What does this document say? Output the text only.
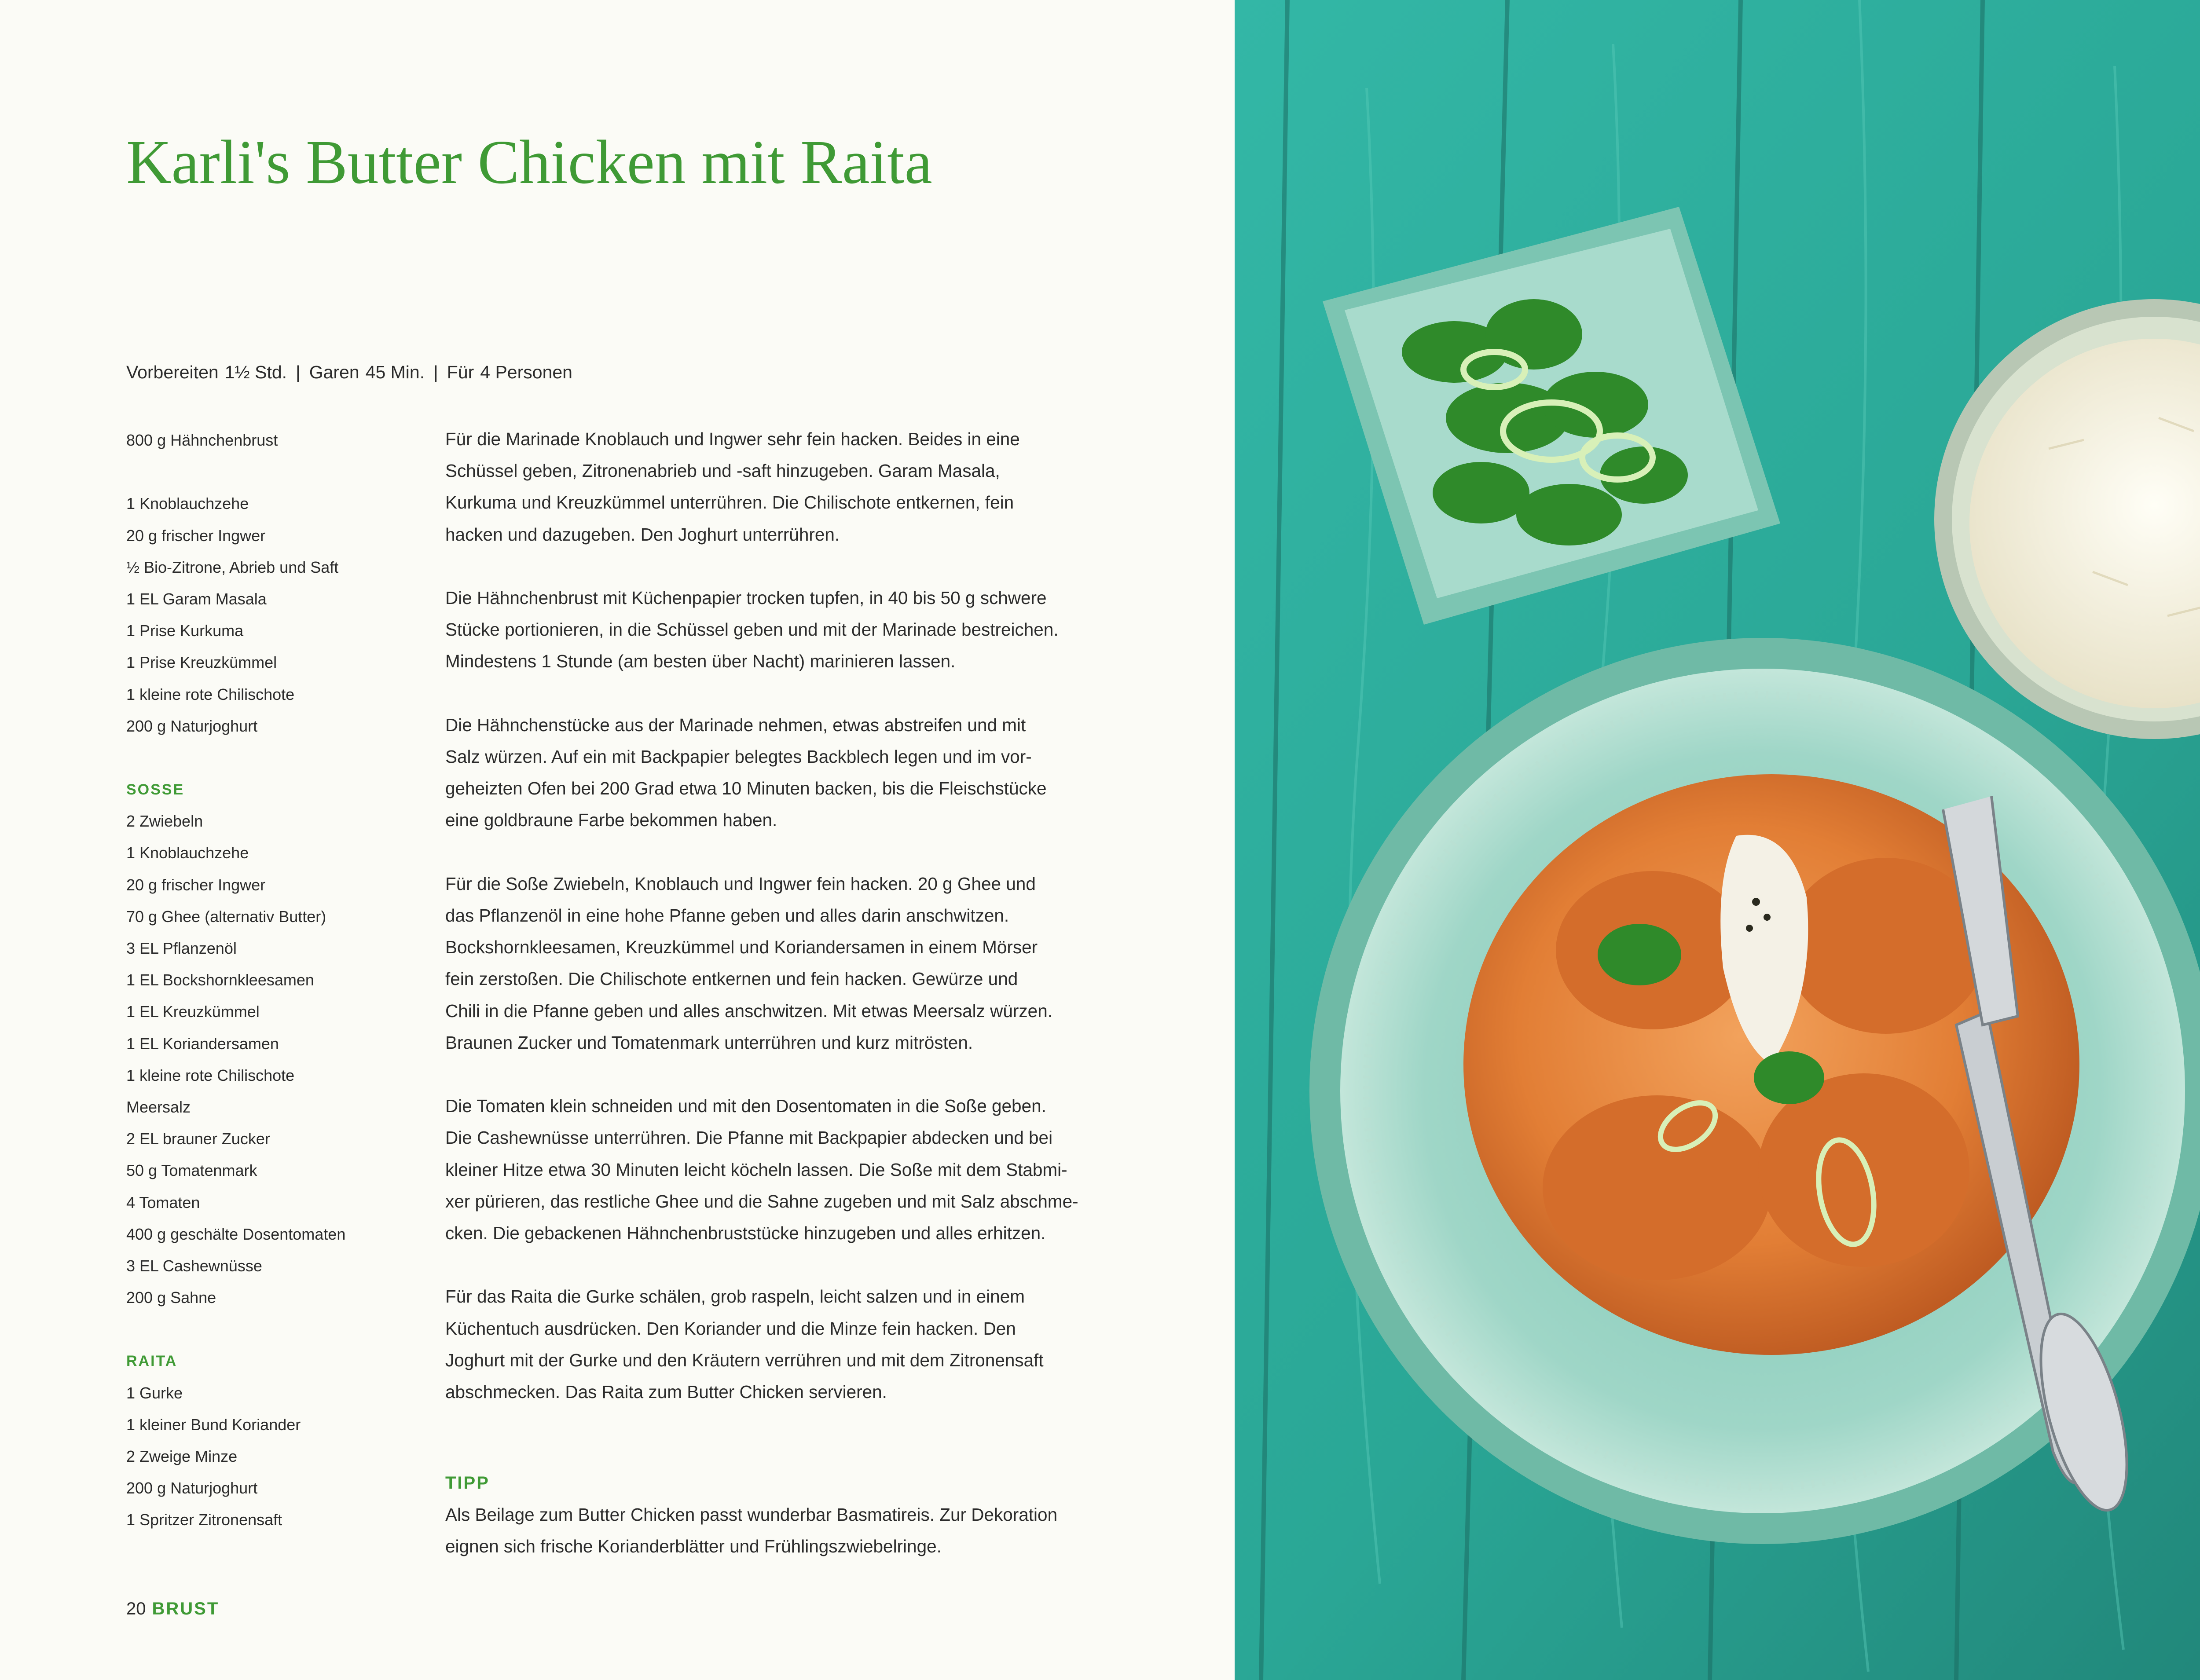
Karli's Butter Chicken mit Raita
Vorbereiten 1½ Std. | Garen 45 Min. | Für 4 Personen
800 g Hähnchenbrust
1 Knoblauchzehe
20 g frischer Ingwer
½ Bio-Zitrone, Abrieb und Saft
1 EL Garam Masala
1 Prise Kurkuma
1 Prise Kreuzkümmel
1 kleine rote Chilischote
200 g Naturjoghurt
SOSSE
2 Zwiebeln
1 Knoblauchzehe
20 g frischer Ingwer
70 g Ghee (alternativ Butter)
3 EL Pflanzenöl
1 EL Bockshornkleesamen
1 EL Kreuzkümmel
1 EL Koriandersamen
1 kleine rote Chilischote
Meersalz
2 EL brauner Zucker
50 g Tomatenmark
4 Tomaten
400 g geschälte Dosentomaten
3 EL Cashewnüsse
200 g Sahne
RAITA
1 Gurke
1 kleiner Bund Koriander
2 Zweige Minze
200 g Naturjoghurt
1 Spritzer Zitronensaft

Für die Marinade Knoblauch und Ingwer sehr fein hacken. Beides in eine
Schüssel geben, Zitronenabrieb und -saft hinzugeben. Garam Masala,
Kurkuma und Kreuzkümmel unterrühren. Die Chilischote entkernen, fein
hacken und dazugeben. Den Joghurt unterrühren.

Die Hähnchenbrust mit Küchenpapier trocken tupfen, in 40 bis 50 g schwere
Stücke portionieren, in die Schüssel geben und mit der Marinade bestreichen.
Mindestens 1 Stunde (am besten über Nacht) marinieren lassen.

Die Hähnchenstücke aus der Marinade nehmen, etwas abstreifen und mit
Salz würzen. Auf ein mit Backpapier belegtes Backblech legen und im vor-
geheizten Ofen bei 200 Grad etwa 10 Minuten backen, bis die Fleischstücke
eine goldbraune Farbe bekommen haben.

Für die Soße Zwiebeln, Knoblauch und Ingwer fein hacken. 20 g Ghee und
das Pflanzenöl in eine hohe Pfanne geben und alles darin anschwitzen.
Bockshornkleesamen, Kreuzkümmel und Koriandersamen in einem Mörser
fein zerstoßen. Die Chilischote entkernen und fein hacken. Gewürze und
Chili in die Pfanne geben und alles anschwitzen. Mit etwas Meersalz würzen.
Braunen Zucker und Tomatenmark unterrühren und kurz mitrösten.

Die Tomaten klein schneiden und mit den Dosentomaten in die Soße geben.
Die Cashewnüsse unterrühren. Die Pfanne mit Backpapier abdecken und bei
kleiner Hitze etwa 30 Minuten leicht köcheln lassen. Die Soße mit dem Stabmi-
xer pürieren, das restliche Ghee und die Sahne zugeben und mit Salz abschme-
cken. Die gebackenen Hähnchenbruststücke hinzugeben und alles erhitzen.

Für das Raita die Gurke schälen, grob raspeln, leicht salzen und in einem
Küchentuch ausdrücken. Den Koriander und die Minze fein hacken. Den
Joghurt mit der Gurke und den Kräutern verrühren und mit dem Zitronensaft
abschmecken. Das Raita zum Butter Chicken servieren.

TIPP
Als Beilage zum Butter Chicken passt wunderbar Basmatireis. Zur Dekoration
eignen sich frische Korianderblätter und Frühlingszwiebelringe.
20 BRUST
